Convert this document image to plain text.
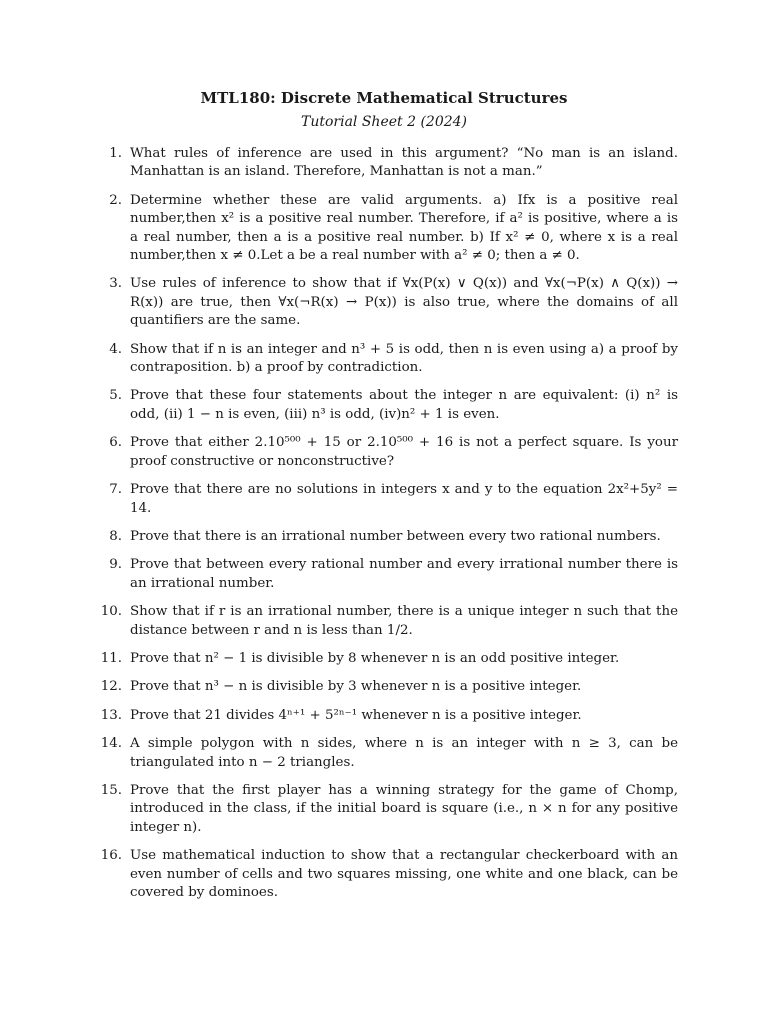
MTL180: Discrete Mathematical Structures
Tutorial Sheet 2 (2024)
1. What rules of inference are used in this argument? “No man is an island. Manhattan is an island. Therefore, Manhattan is not a man.”
2. Determine whether these are valid arguments. a) Ifx is a positive real number,then x² is a positive real number. Therefore, if a² is positive, where a is a real number, then a is a positive real number. b) If x² ≠ 0, where x is a real number,then x ≠ 0.Let a be a real number with a² ≠ 0; then a ≠ 0.
3. Use rules of inference to show that if ∀x(P(x) ∨ Q(x)) and ∀x(¬P(x) ∧ Q(x)) → R(x)) are true, then ∀x(¬R(x) → P(x)) is also true, where the domains of all quantifiers are the same.
4. Show that if n is an integer and n³ + 5 is odd, then n is even using a) a proof by contraposition. b) a proof by contradiction.
5. Prove that these four statements about the integer n are equivalent: (i) n² is odd, (ii) 1 − n is even, (iii) n³ is odd, (iv)n² + 1 is even.
6. Prove that either 2.10⁵⁰⁰ + 15 or 2.10⁵⁰⁰ + 16 is not a perfect square. Is your proof constructive or nonconstructive?
7. Prove that there are no solutions in integers x and y to the equation 2x²+5y² = 14.
8. Prove that there is an irrational number between every two rational numbers.
9. Prove that between every rational number and every irrational number there is an irrational number.
10. Show that if r is an irrational number, there is a unique integer n such that the distance between r and n is less than 1/2.
11. Prove that n² − 1 is divisible by 8 whenever n is an odd positive integer.
12. Prove that n³ − n is divisible by 3 whenever n is a positive integer.
13. Prove that 21 divides 4ⁿ⁺¹ + 5²ⁿ⁻¹ whenever n is a positive integer.
14. A simple polygon with n sides, where n is an integer with n ≥ 3, can be triangulated into n − 2 triangles.
15. Prove that the first player has a winning strategy for the game of Chomp, introduced in the class, if the initial board is square (i.e., n × n for any positive integer n).
16. Use mathematical induction to show that a rectangular checkerboard with an even number of cells and two squares missing, one white and one black, can be covered by dominoes.
